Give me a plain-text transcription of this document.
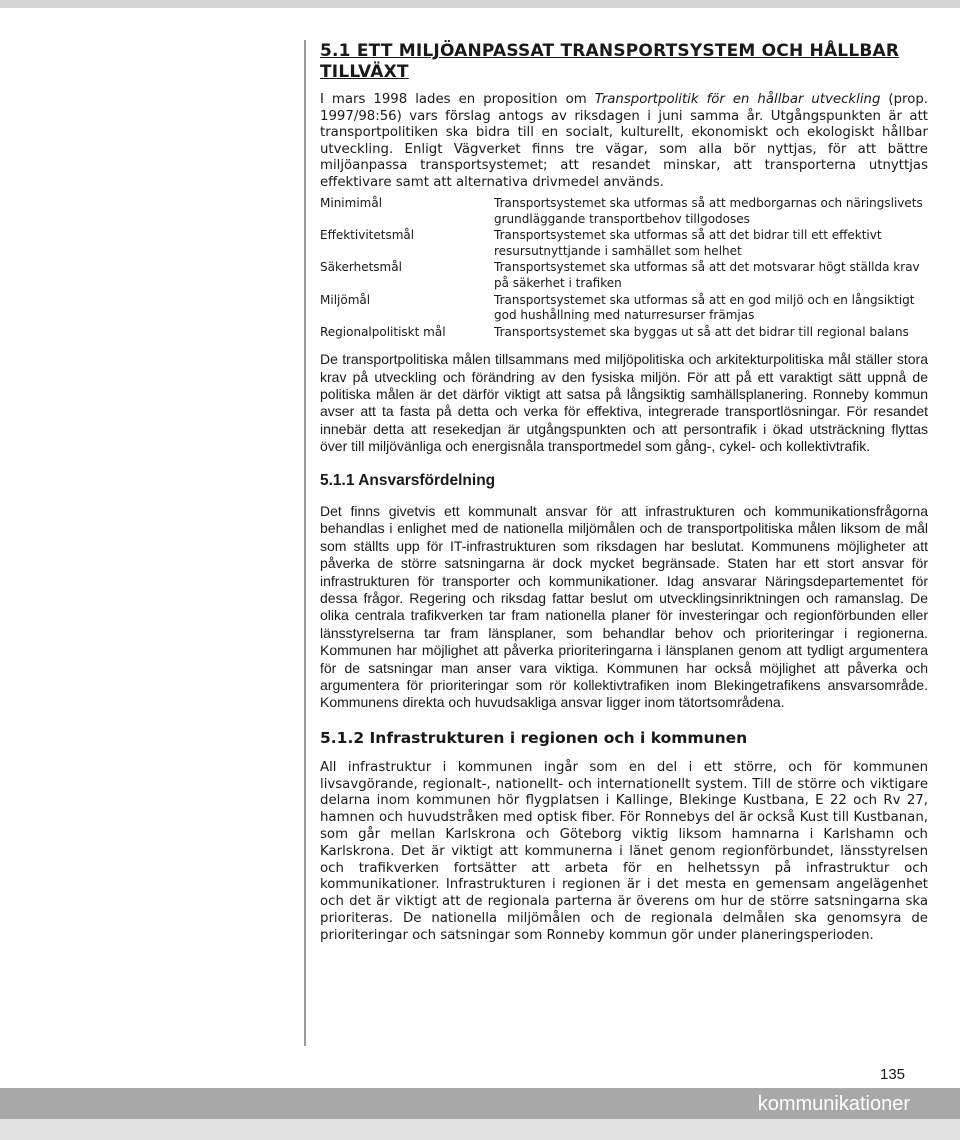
5.1 ETT MILJÖANPASSAT TRANSPORTSYSTEM OCH HÅLLBAR TILLVÄXT

I mars 1998 lades en proposition om Transportpolitik för en hållbar utveckling (prop. 1997/98:56) vars förslag antogs av riksdagen i juni samma år. Utgångspunkten är att transportpolitiken ska bidra till en socialt, kulturellt, ekonomiskt och ekologiskt hållbar utveckling. Enligt Vägverket finns tre vägar, som alla bör nyttjas, för att bättre miljöanpassa transportsystemet; att resandet minskar, att transporterna utnyttjas effektivare samt att alternativa drivmedel används.

Minimimål	Transportsystemet ska utformas så att medborgarnas och näringslivets grundläggande transportbehov tillgodoses
Effektivitetsmål	Transportsystemet ska utformas så att det bidrar till ett effektivt resursutnyttjande i samhället som helhet
Säkerhetsmål	Transportsystemet ska utformas så att det motsvarar högt ställda krav på säkerhet i trafiken
Miljömål	Transportsystemet ska utformas så att en god miljö och en långsiktigt god hushållning med naturresurser främjas
Regionalpolitiskt mål	Transportsystemet ska byggas ut så att det bidrar till regional balans

De transportpolitiska målen tillsammans med miljöpolitiska och arkitekturpolitiska mål ställer stora krav på utveckling och förändring av den fysiska miljön. För att på ett varaktigt sätt uppnå de politiska målen är det därför viktigt att satsa på långsiktig samhällsplanering. Ronneby kommun avser att ta fasta på detta och verka för effektiva, integrerade transportlösningar. För resandet innebär detta att resekedjan är utgångspunkten och att persontrafik i ökad utsträckning flyttas över till miljövänliga och energisnåla transportmedel som gång-, cykel- och kollektivtrafik.

5.1.1 Ansvarsfördelning

Det finns givetvis ett kommunalt ansvar för att infrastrukturen och kommunikationsfrågorna behandlas i enlighet med de nationella miljömålen och de transportpolitiska målen liksom de mål som ställts upp för IT-infrastrukturen som riksdagen har beslutat. Kommunens möjligheter att påverka de större satsningarna är dock mycket begränsade. Staten har ett stort ansvar för infrastrukturen för transporter och kommunikationer. Idag ansvarar Näringsdepartementet för dessa frågor. Regering och riksdag fattar beslut om utvecklingsinriktningen och ramanslag. De olika centrala trafikverken tar fram nationella planer för investeringar och regionförbunden eller länsstyrelserna tar fram länsplaner, som behandlar behov och prioriteringar i regionerna. Kommunen har möjlighet att påverka prioriteringarna i länsplanen genom att tydligt argumentera för de satsningar man anser vara viktiga. Kommunen har också möjlighet att påverka och argumentera för prioriteringar som rör kollektivtrafiken inom Blekingetrafikens ansvarsområde. Kommunens direkta och huvudsakliga ansvar ligger inom tätortsområdena.

5.1.2 Infrastrukturen i regionen och i kommunen

All infrastruktur i kommunen ingår som en del i ett större, och för kommunen livsavgörande, regionalt-, nationellt- och internationellt system. Till de större och viktigare delarna inom kommunen hör flygplatsen i Kallinge, Blekinge Kustbana, E 22 och Rv 27, hamnen och huvudstråken med optisk fiber. För Ronnebys del är också Kust till Kustbanan, som går mellan Karlskrona och Göteborg viktig liksom hamnarna i Karlshamn och Karlskrona. Det är viktigt att kommunerna i länet genom regionförbundet, länsstyrelsen och trafikverken fortsätter att arbeta för en helhetssyn på infrastruktur och kommunikationer. Infrastrukturen i regionen är i det mesta en gemensam angelägenhet och det är viktigt att de regionala parterna är överens om hur de större satsningarna ska prioriteras. De nationella miljömålen och de regionala delmålen ska genomsyra de prioriteringar och satsningar som Ronneby kommun gör under planeringsperioden.

135
kommunikationer
